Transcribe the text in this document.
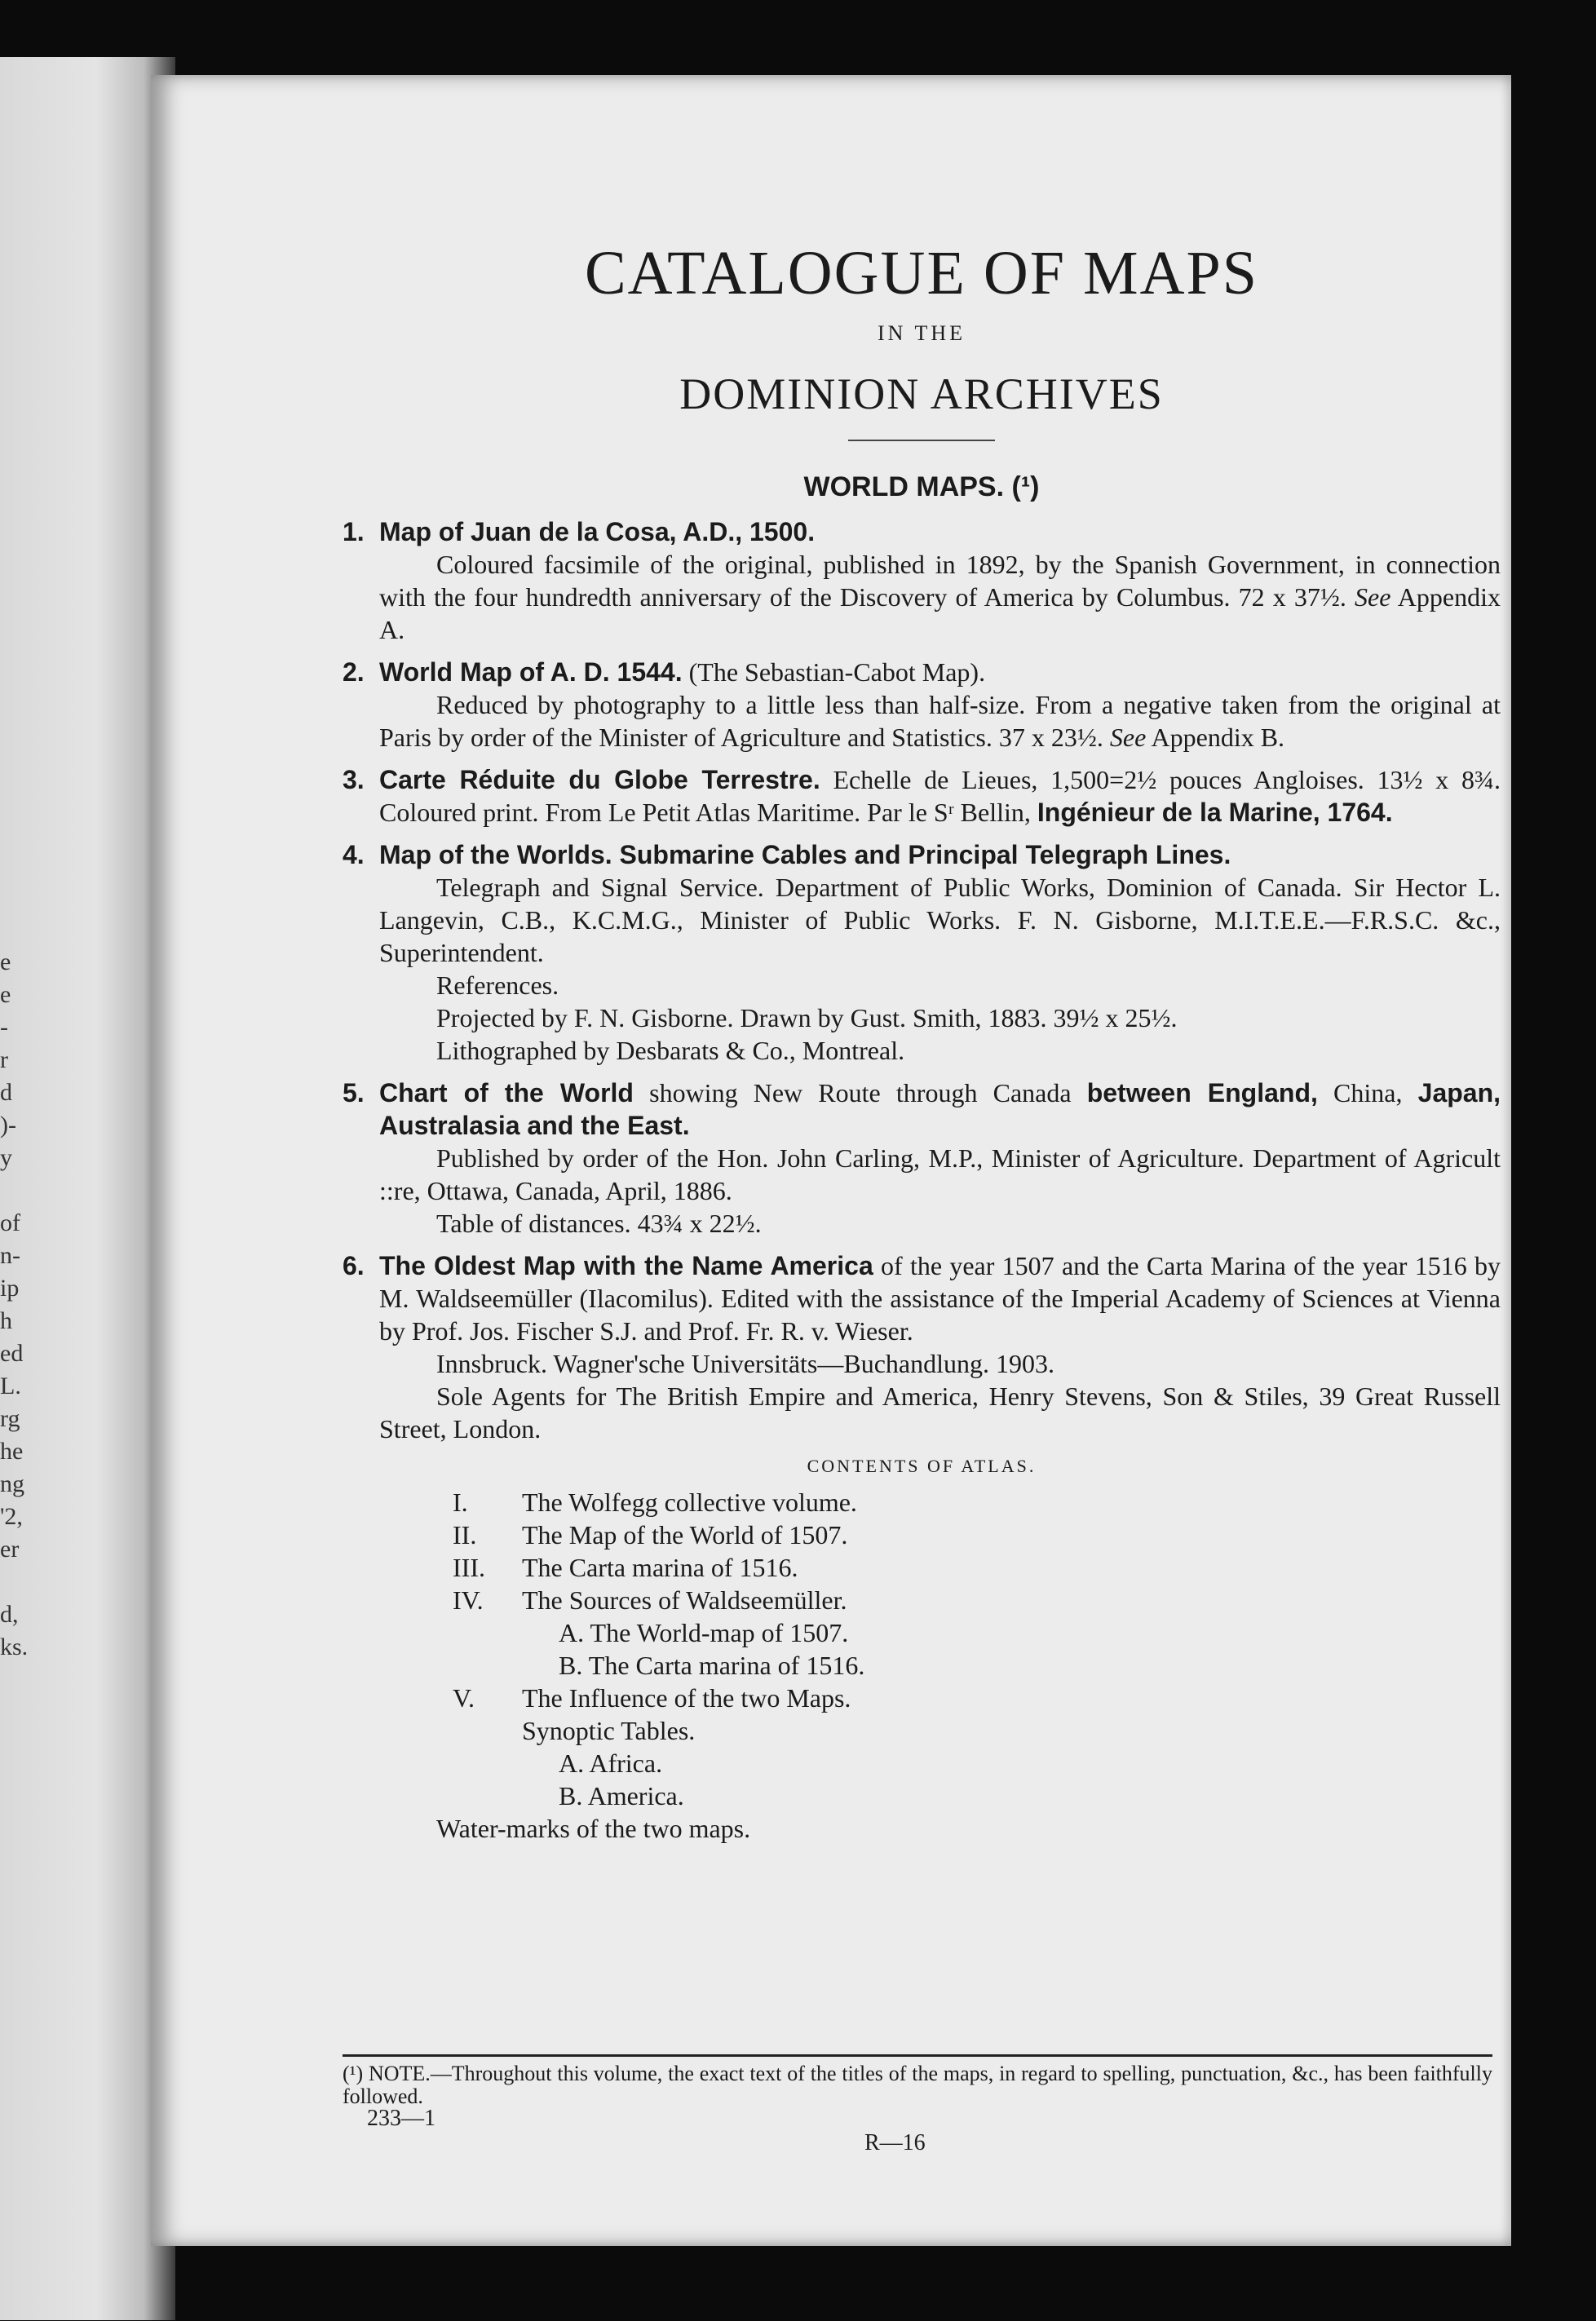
e
e
-
r
d
)-
y

of
n-
ip
h
ed
L.
rg
he
ng
'2,
er

d,
ks.
CATALOGUE OF MAPS
IN THE
DOMINION ARCHIVES
WORLD MAPS. (¹)
1. Map of Juan de la Cosa, A.D., 1500.
Coloured facsimile of the original, published in 1892, by the Spanish Government, in connection with the four hundredth anniversary of the Discovery of America by Columbus. 72 x 37½. See Appendix A.
2. World Map of A. D. 1544. (The Sebastian-Cabot Map).
Reduced by photography to a little less than half-size. From a negative taken from the original at Paris by order of the Minister of Agriculture and Statistics. 37 x 23½. See Appendix B.
3. Carte Réduite du Globe Terrestre. Echelle de Lieues, 1,500=2½ pouces Angloises. 13½ x 8¾. Coloured print. From Le Petit Atlas Maritime. Par le Sʳ Bellin, Ingénieur de la Marine, 1764.
4. Map of the Worlds. Submarine Cables and Principal Telegraph Lines.
Telegraph and Signal Service. Department of Public Works, Dominion of Canada. Sir Hector L. Langevin, C.B., K.C.M.G., Minister of Public Works. F. N. Gisborne, M.I.T.E.E.—F.R.S.C. &c., Superintendent.
References.
Projected by F. N. Gisborne. Drawn by Gust. Smith, 1883. 39½ x 25½.
Lithographed by Desbarats & Co., Montreal.
5. Chart of the World showing New Route through Canada between England, China, Japan, Australasia and the East.
Published by order of the Hon. John Carling, M.P., Minister of Agriculture. Department of Agricult ::re, Ottawa, Canada, April, 1886.
Table of distances. 43¾ x 22½.
6. The Oldest Map with the Name America of the year 1507 and the Carta Marina of the year 1516 by M. Waldseemüller (Ilacomilus). Edited with the assistance of the Imperial Academy of Sciences at Vienna by Prof. Jos. Fischer S.J. and Prof. Fr. R. v. Wieser.
Innsbruck. Wagner'sche Universitäts—Buchandlung. 1903.
Sole Agents for The British Empire and America, Henry Stevens, Son & Stiles, 39 Great Russell Street, London.
CONTENTS OF ATLAS.
I.	The Wolfegg collective volume.
II.	The Map of the World of 1507.
III.	The Carta marina of 1516.
IV.	The Sources of Waldseemüller.
A. The World-map of 1507.
B. The Carta marina of 1516.
V.	The Influence of the two Maps.
Synoptic Tables.
A. Africa.
B. America.
Water-marks of the two maps.
(¹) NOTE.—Throughout this volume, the exact text of the titles of the maps, in regard to spelling, punctuation, &c., has been faithfully followed.
233—1
R—16
